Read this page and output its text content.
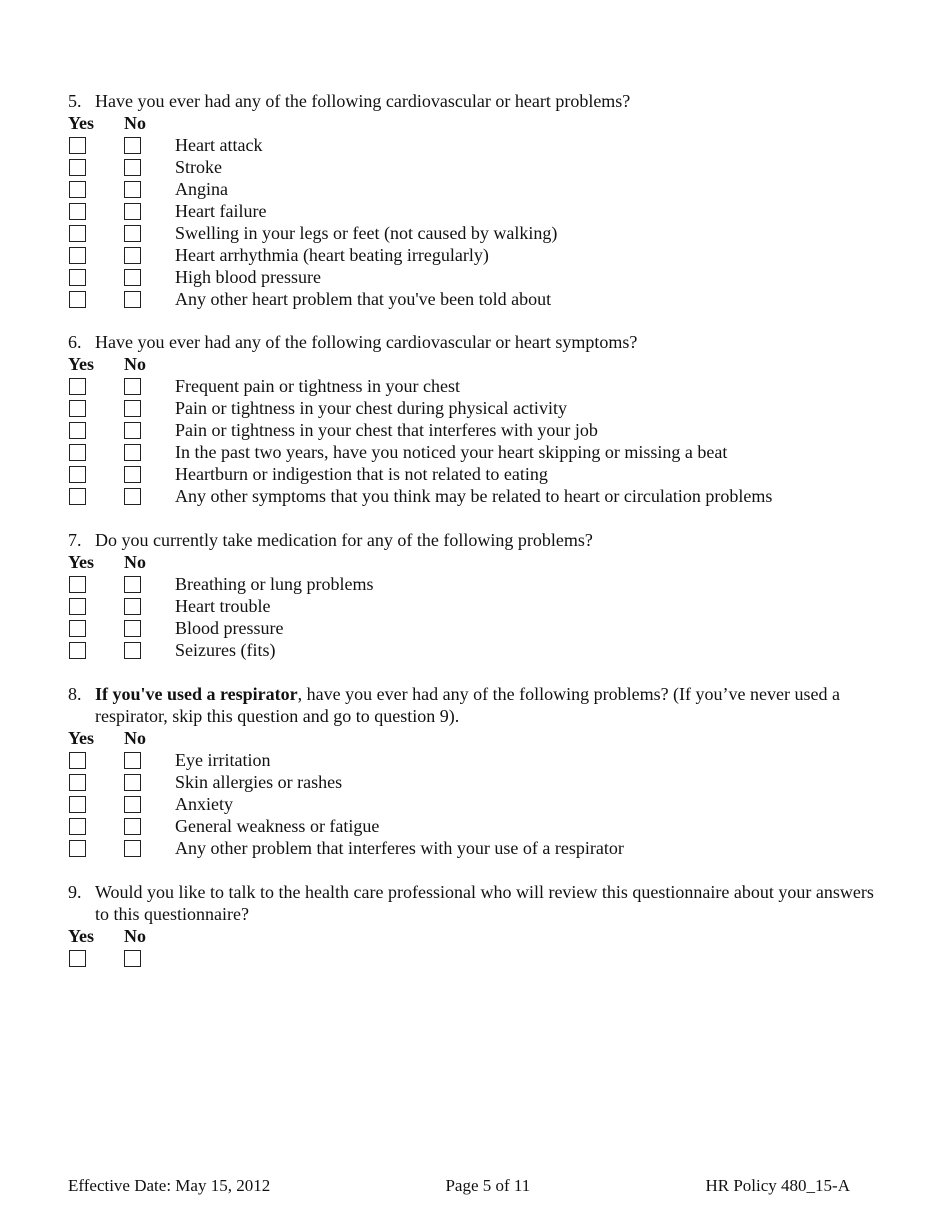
5. Have you ever had any of the following cardiovascular or heart problems?
Yes	No
Heart attack
Stroke
Angina
Heart failure
Swelling in your legs or feet (not caused by walking)
Heart arrhythmia (heart beating irregularly)
High blood pressure
Any other heart problem that you've been told about
6. Have you ever had any of the following cardiovascular or heart symptoms?
Yes	No
Frequent pain or tightness in your chest
Pain or tightness in your chest during physical activity
Pain or tightness in your chest that interferes with your job
In the past two years, have you noticed your heart skipping or missing a beat
Heartburn or indigestion that is not related to eating
Any other symptoms that you think may be related to heart or circulation problems
7. Do you currently take medication for any of the following problems?
Yes	No
Breathing or lung problems
Heart trouble
Blood pressure
Seizures (fits)
8. If you've used a respirator, have you ever had any of the following problems? (If you’ve never used a respirator, skip this question and go to question 9).
Yes	No
Eye irritation
Skin allergies or rashes
Anxiety
General weakness or fatigue
Any other problem that interferes with your use of a respirator
9. Would you like to talk to the health care professional who will review this questionnaire about your answers to this questionnaire?
Yes	No
Effective Date: May 15, 2012	Page 5 of 11	HR Policy 480_15-A
